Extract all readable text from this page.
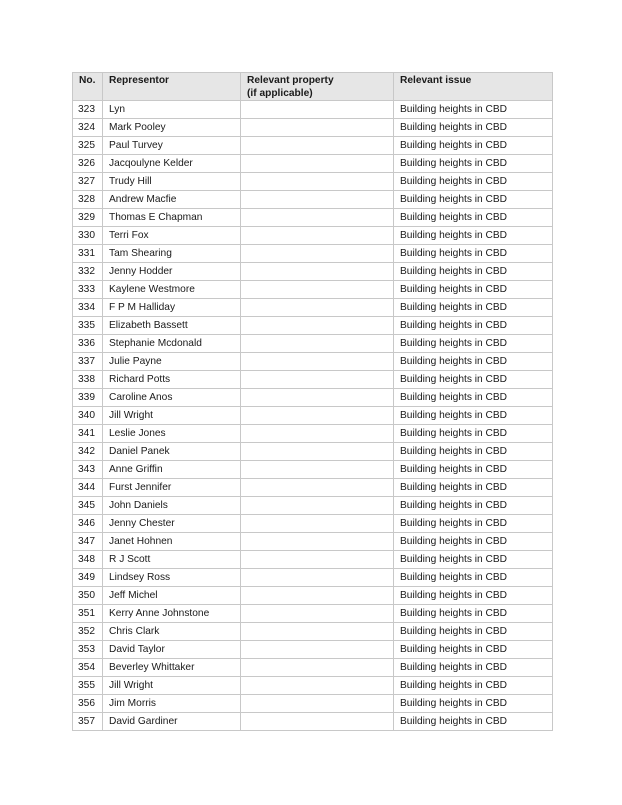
No.	Representor	Relevant property
(if applicable)	Relevant issue
323	Lyn		Building heights in CBD
324	Mark Pooley		Building heights in CBD
325	Paul Turvey		Building heights in CBD
326	Jacqoulyne Kelder		Building heights in CBD
327	Trudy Hill		Building heights in CBD
328	Andrew Macfie		Building heights in CBD
329	Thomas E Chapman		Building heights in CBD
330	Terri Fox		Building heights in CBD
331	Tam Shearing		Building heights in CBD
332	Jenny Hodder		Building heights in CBD
333	Kaylene Westmore		Building heights in CBD
334	F P M Halliday		Building heights in CBD
335	Elizabeth Bassett		Building heights in CBD
336	Stephanie Mcdonald		Building heights in CBD
337	Julie Payne		Building heights in CBD
338	Richard Potts		Building heights in CBD
339	Caroline Anos		Building heights in CBD
340	Jill Wright		Building heights in CBD
341	Leslie Jones		Building heights in CBD
342	Daniel Panek		Building heights in CBD
343	Anne Griffin		Building heights in CBD
344	Furst Jennifer		Building heights in CBD
345	John Daniels		Building heights in CBD
346	Jenny Chester		Building heights in CBD
347	Janet Hohnen		Building heights in CBD
348	R J Scott		Building heights in CBD
349	Lindsey Ross		Building heights in CBD
350	Jeff Michel		Building heights in CBD
351	Kerry Anne Johnstone		Building heights in CBD
352	Chris Clark		Building heights in CBD
353	David Taylor		Building heights in CBD
354	Beverley Whittaker		Building heights in CBD
355	Jill Wright		Building heights in CBD
356	Jim Morris		Building heights in CBD
357	David Gardiner		Building heights in CBD
